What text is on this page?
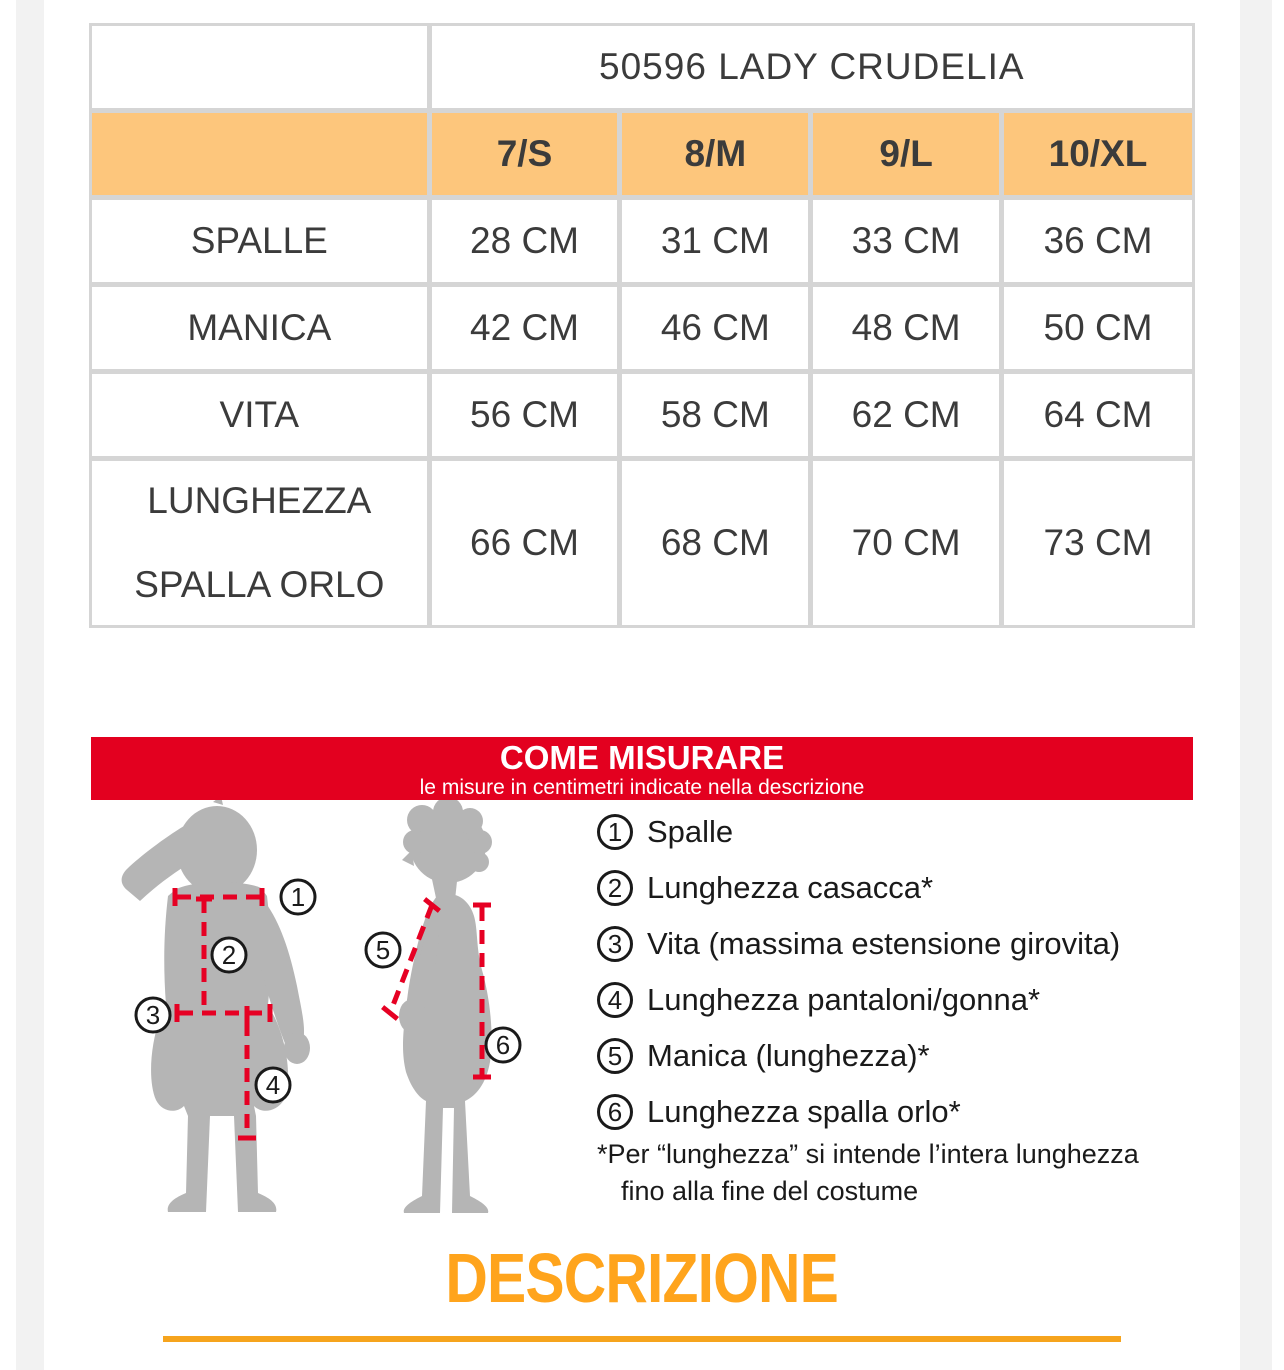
	50596 LADY CRUDELIA			
	7/S	8/M	9/L	10/XL
SPALLE	28 CM	31 CM	33 CM	36 CM
MANICA	42 CM	46 CM	48 CM	50 CM
VITA	56 CM	58 CM	62 CM	64 CM

LUNGHEZZA
SPALLA ORLO	66 CM	68 CM	70 CM	73 CM
COME MISURARE
le misure in centimetri indicate nella descrizione
1
2
3
4
5
6
1 Spalle
2 Lunghezza casacca*
3 Vita (massima estensione girovita)
4 Lunghezza pantaloni/gonna*
5 Manica (lunghezza)*
6 Lunghezza spalla orlo*
*Per “lunghezza” si intende l’intera lunghezza
fino alla fine del costume
DESCRIZIONE
